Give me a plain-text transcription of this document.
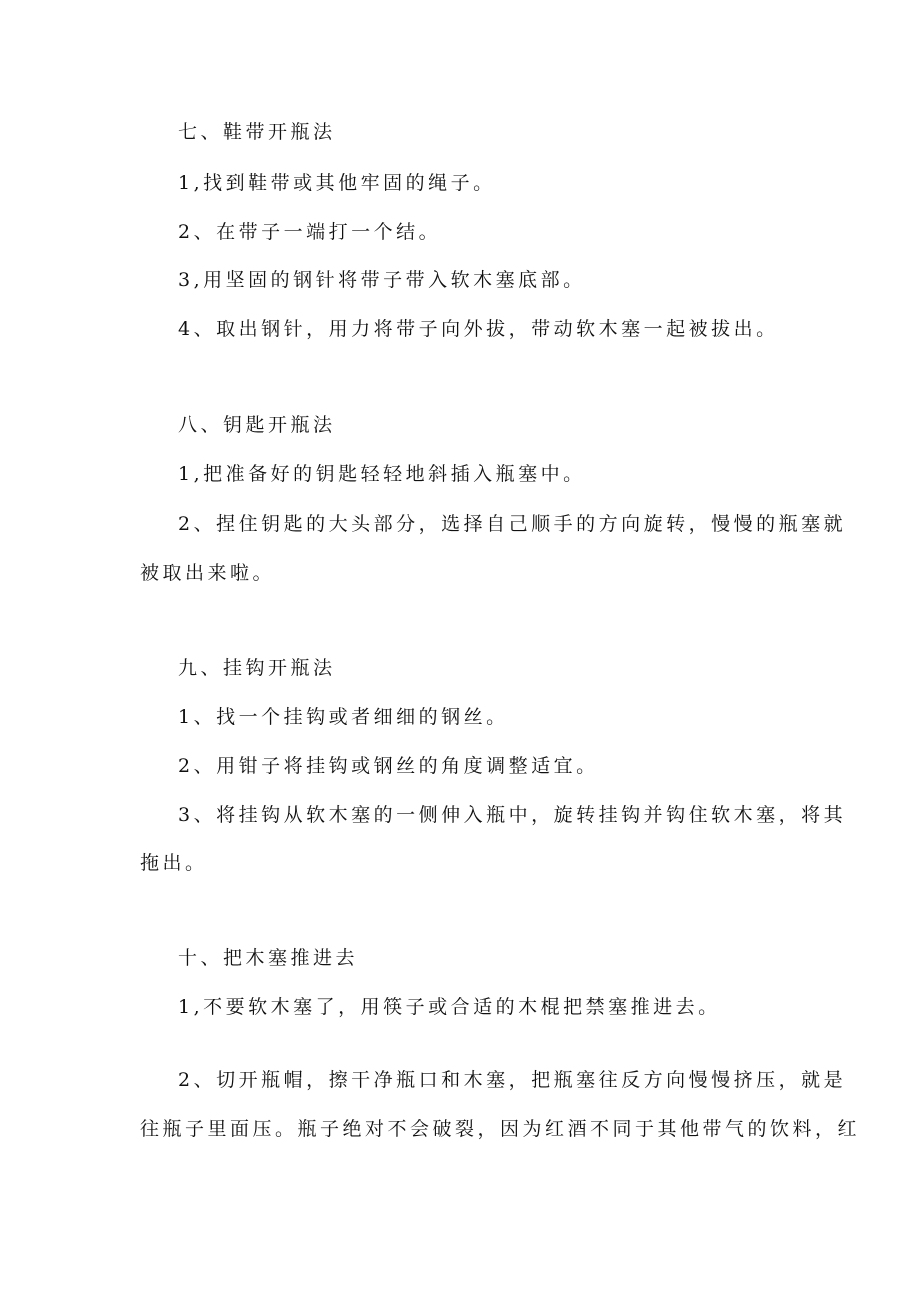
七、鞋带开瓶法
1,找到鞋带或其他牢固的绳子。
2、在带子一端打一个结。
3,用坚固的钢针将带子带入软木塞底部。
4、取出钢针，用力将带子向外拔，带动软木塞一起被拔出。
八、钥匙开瓶法
1,把准备好的钥匙轻轻地斜插入瓶塞中。
2、捏住钥匙的大头部分，选择自己顺手的方向旋转，慢慢的瓶塞就
被取出来啦。
九、挂钩开瓶法
1、找一个挂钩或者细细的钢丝。
2、用钳子将挂钩或钢丝的角度调整适宜。
3、将挂钩从软木塞的一侧伸入瓶中，旋转挂钩并钩住软木塞，将其
拖出。
十、把木塞推进去
1,不要软木塞了，用筷子或合适的木棍把禁塞推进去。
2、切开瓶帽，擦干净瓶口和木塞，把瓶塞往反方向慢慢挤压，就是
往瓶子里面压。瓶子绝对不会破裂，因为红酒不同于其他带气的饮料，红
